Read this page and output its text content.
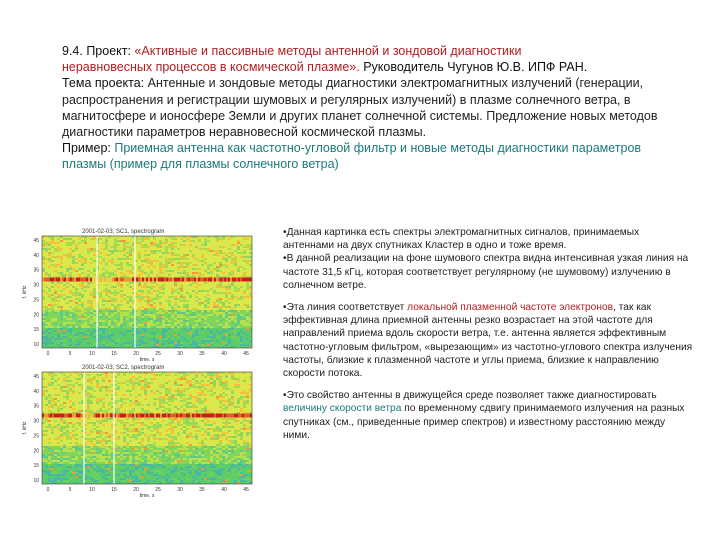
9.4. Проект: «Активные и пассивные методы антенной и зондовой диагностики
неравновесных процессов в космической плазме». Руководитель Чугунов Ю.В. ИПФ РАН.
Тема проекта: Антенные и зондовые методы диагностики электромагнитных излучений (генерации, распространения и регистрации шумовых и регулярных излучений) в плазме солнечного ветра, в магнитосфере и ионосфере Земли и других планет солнечной системы. Предложение новых методов диагностики параметров неравновесной космической плазмы.
Пример: Приемная антенна как частотно-угловой фильтр и новые методы диагностики параметров плазмы (пример для плазмы солнечного ветра)
2001-02-03, SC1, spectrogram
45
40
35
30
25
20
15
10
0	5	10	15	20	25	30	35	40	45
time, s
f, kHz
2001-02-03, SC2, spectrogram
45
40
35
30
25
20
15
10
0	5	10	15	20	25	30	35	40	45
time, s
f, kHz

•Данная картинка есть спектры электромагнитных сигналов, принимаемых антеннами на двух спутниках Кластер в одно и тоже время.

•В данной реализации на фоне шумового спектра видна интенсивная узкая линия на частоте 31,5 кГц, которая соответствует регулярному (не шумовому) излучению в солнечном ветре.

•Эта линия соответствует локальной плазменной частоте электронов, так как эффективная длина приемной антенны резко возрастает на этой частоте для направлений приема вдоль скорости ветра, т.е. антенна является эффективным частотно-угловым фильтром, «вырезающим» из частотно-углового спектра излучения частоты, близкие к плазменной частоте и углы приема, близкие к направлению скорости потока.

•Это свойство антенны в движущейся среде позволяет также диагностировать величину скорости ветра по временному сдвигу принимаемого излучения на разных спутниках (см., приведенные пример спектров) и известному расстоянию между ними.
